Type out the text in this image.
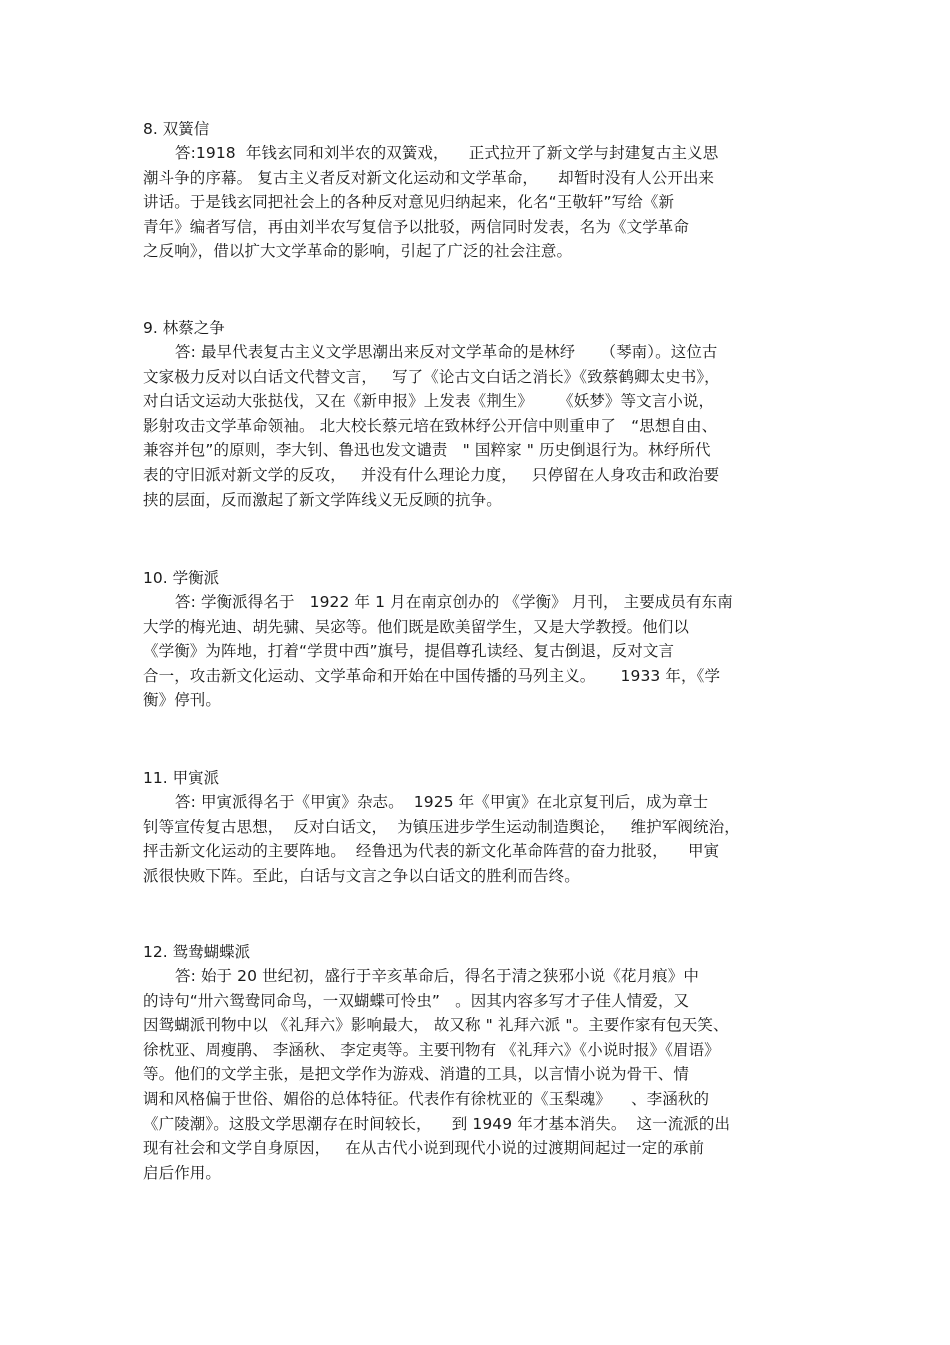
8. 双簧信
答:1918  年钱玄同和刘半农的双簧戏，    正式拉开了新文学与封建复古主义思
潮斗争的序幕。 复古主义者反对新文化运动和文学革命，    却暂时没有人公开出来
讲话。于是钱玄同把社会上的各种反对意见归纳起来，化名“王敬轩”写给《新
青年》编者写信，再由刘半农写复信予以批驳，两信同时发表，名为《文学革命
之反响》，借以扩大文学革命的影响，引起了广泛的社会注意。
9. 林蔡之争
答: 最早代表复古主义文学思潮出来反对文学革命的是林纾     （琴南）。这位古
文家极力反对以白话文代替文言，   写了《论古文白话之消长》《致蔡鹤卿太史书》，
对白话文运动大张挞伐，又在《新申报》上发表《荆生》     《妖梦》等文言小说，
影射攻击文学革命领袖。 北大校长蔡元培在致林纾公开信中则重申了   “思想自由、
兼容并包”的原则，李大钊、鲁迅也发文谴责   " 国粹家 " 历史倒退行为。林纾所代
表的守旧派对新文学的反攻，   并没有什么理论力度，   只停留在人身攻击和政治要
挟的层面，反而激起了新文学阵线义无反顾的抗争。
10. 学衡派
答: 学衡派得名于   1922 年 1 月在南京创办的 《学衡》 月刊， 主要成员有东南
大学的梅光迪、胡先骕、吴宓等。他们既是欧美留学生，又是大学教授。他们以
《学衡》为阵地，打着“学贯中西”旗号，提倡尊孔读经、复古倒退，反对文言
合一，攻击新文化运动、文学革命和开始在中国传播的马列主义。     1933 年，《学
衡》停刊。
11. 甲寅派
答: 甲寅派得名于《甲寅》杂志。  1925 年《甲寅》在北京复刊后，成为章士
钊等宣传复古思想，  反对白话文，  为镇压进步学生运动制造舆论，   维护军阀统治，
抨击新文化运动的主要阵地。  经鲁迅为代表的新文化革命阵营的奋力批驳，    甲寅
派很快败下阵。至此，白话与文言之争以白话文的胜利而告终。
12. 鸳鸯蝴蝶派
答: 始于 20 世纪初，盛行于辛亥革命后，得名于清之狭邪小说《花月痕》中
的诗句“卅六鸳鸯同命鸟，一双蝴蝶可怜虫”   。因其内容多写才子佳人情爱，又
因鸳蝴派刊物中以 《礼拜六》影响最大， 故又称 " 礼拜六派 "。主要作家有包天笑、
徐枕亚、周瘦鹃、 李涵秋、 李定夷等。主要刊物有 《礼拜六》《小说时报》《眉语》
等。他们的文学主张，是把文学作为游戏、消遣的工具，以言情小说为骨干、情
调和风格偏于世俗、媚俗的总体特征。代表作有徐枕亚的《玉梨魂》    、李涵秋的
《广陵潮》。这股文学思潮存在时间较长，    到 1949 年才基本消失。  这一流派的出
现有社会和文学自身原因，   在从古代小说到现代小说的过渡期间起过一定的承前
启后作用。
